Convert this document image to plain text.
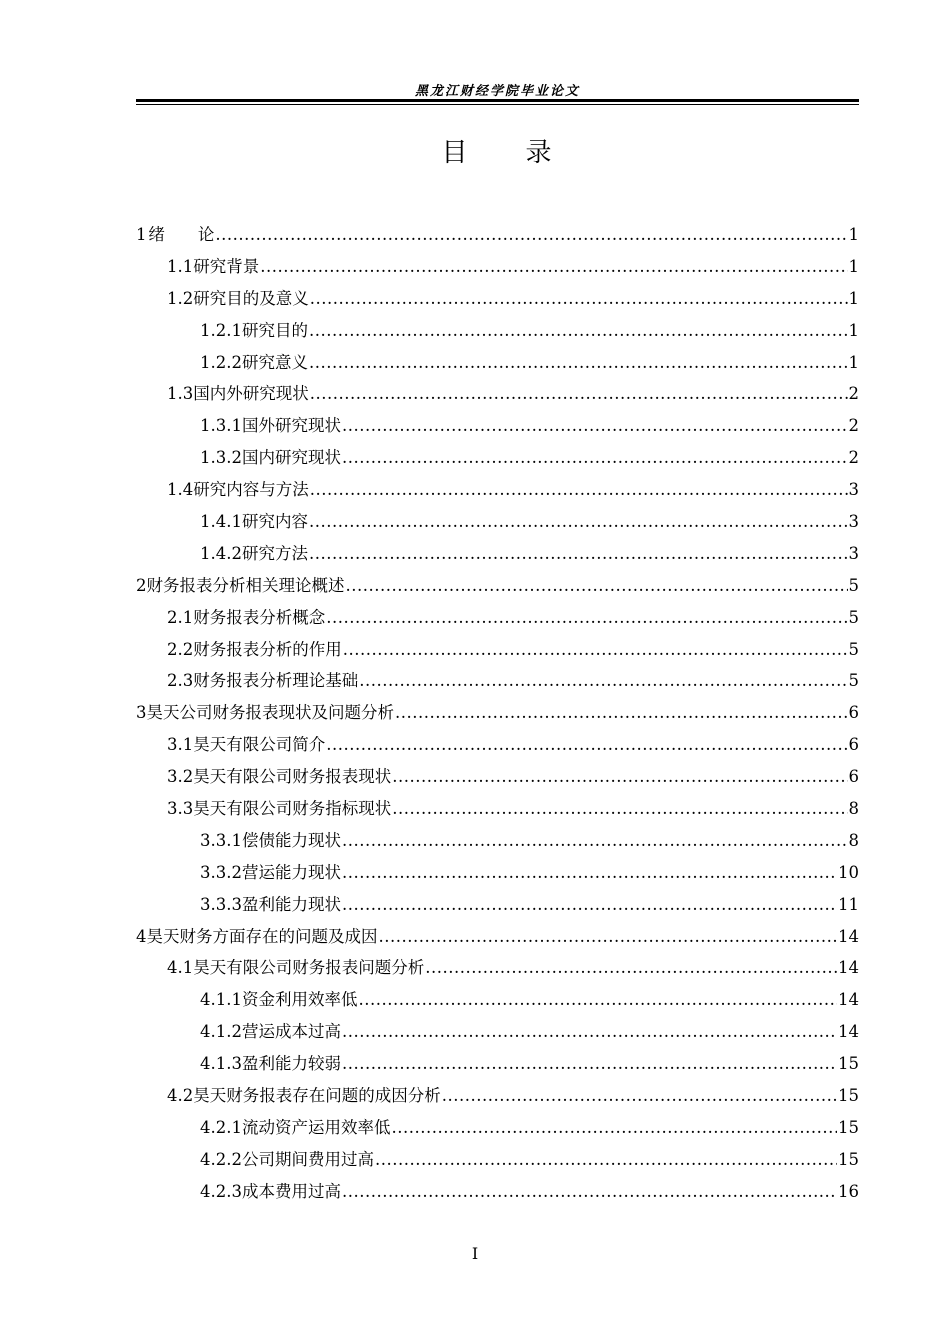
黑龙江财经学院毕业论文
目　　录
1 绪　　论 .....	1
1.1 研究背景 .....	1
1.2 研究目的及意义 .....	1
1.2.1 研究目的 .....	1
1.2.2 研究意义 .....	1
1.3 国内外研究现状 .....	2
1.3.1 国外研究现状 .....	2
1.3.2 国内研究现状 .....	2
1.4 研究内容与方法 .....	3
1.4.1 研究内容 .....	3
1.4.2 研究方法 .....	3
2 财务报表分析相关理论概述 .....	5
2.1 财务报表分析概念 .....	5
2.2 财务报表分析的作用 .....	5
2.3 财务报表分析理论基础 .....	5
3 昊天公司财务报表现状及问题分析 .....	6
3.1 昊天有限公司简介 .....	6
3.2 昊天有限公司财务报表现状 .....	6
3.3 昊天有限公司财务指标现状 .....	8
3.3.1 偿债能力现状 .....	8
3.3.2 营运能力现状 .....	10
3.3.3 盈利能力现状 .....	11
4 昊天财务方面存在的问题及成因 .....	14
4.1 昊天有限公司财务报表问题分析 .....	14
4.1.1 资金利用效率低 .....	14
4.1.2 营运成本过高 .....	14
4.1.3 盈利能力较弱 .....	15
4.2 昊天财务报表存在问题的成因分析 .....	15
4.2.1 流动资产运用效率低 .....	15
4.2.2 公司期间费用过高 .....	15
4.2.3 成本费用过高 .....	16
I
